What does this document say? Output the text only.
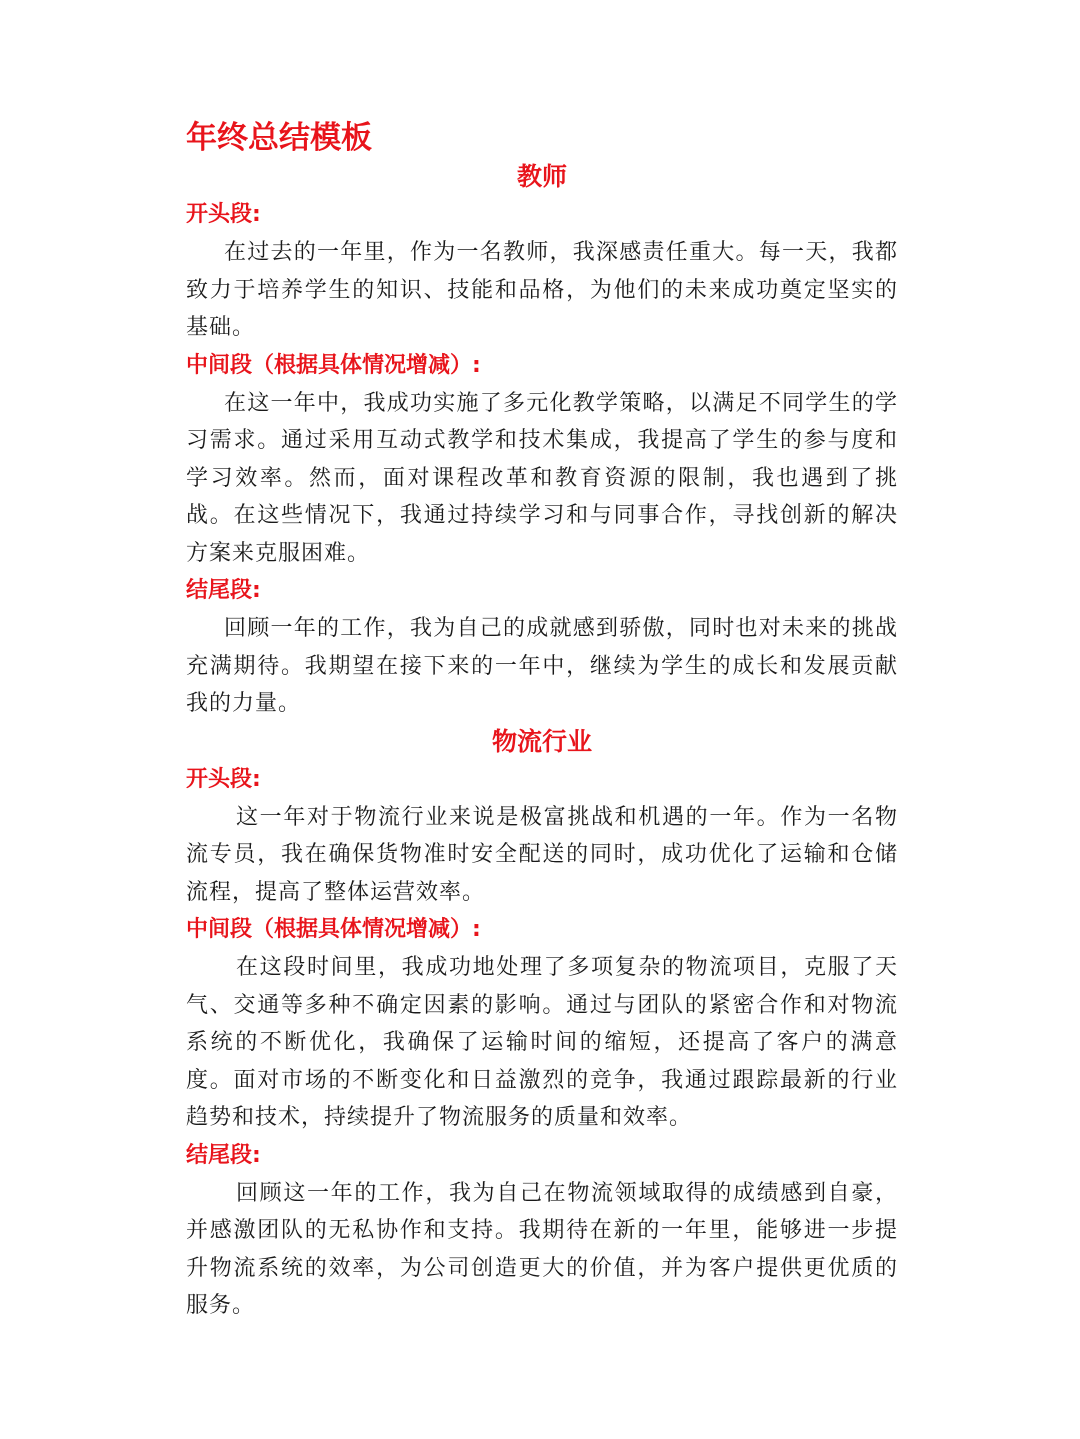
年终总结模板
教师
开头段:

在过去的一年里，作为一名教师，我深感责任重大。每一天，我都致力于培养学生的知识、技能和品格，为他们的未来成功奠定坚实的基础。

中间段（根据具体情况增减）:

在这一年中，我成功实施了多元化教学策略，以满足不同学生的学习需求。通过采用互动式教学和技术集成，我提高了学生的参与度和学习效率。然而，面对课程改革和教育资源的限制，我也遇到了挑战。在这些情况下，我通过持续学习和与同事合作，寻找创新的解决方案来克服困难。

结尾段:

回顾一年的工作，我为自己的成就感到骄傲，同时也对未来的挑战充满期待。我期望在接下来的一年中，继续为学生的成长和发展贡献我的力量。

物流行业
开头段:

这一年对于物流行业来说是极富挑战和机遇的一年。作为一名物流专员，我在确保货物准时安全配送的同时，成功优化了运输和仓储流程，提高了整体运营效率。

中间段（根据具体情况增减）:

在这段时间里，我成功地处理了多项复杂的物流项目，克服了天气、交通等多种不确定因素的影响。通过与团队的紧密合作和对物流系统的不断优化，我确保了运输时间的缩短，还提高了客户的满意度。面对市场的不断变化和日益激烈的竞争，我通过跟踪最新的行业趋势和技术，持续提升了物流服务的质量和效率。

结尾段:

回顾这一年的工作，我为自己在物流领域取得的成绩感到自豪，并感激团队的无私协作和支持。我期待在新的一年里，能够进一步提升物流系统的效率，为公司创造更大的价值，并为客户提供更优质的服务。
